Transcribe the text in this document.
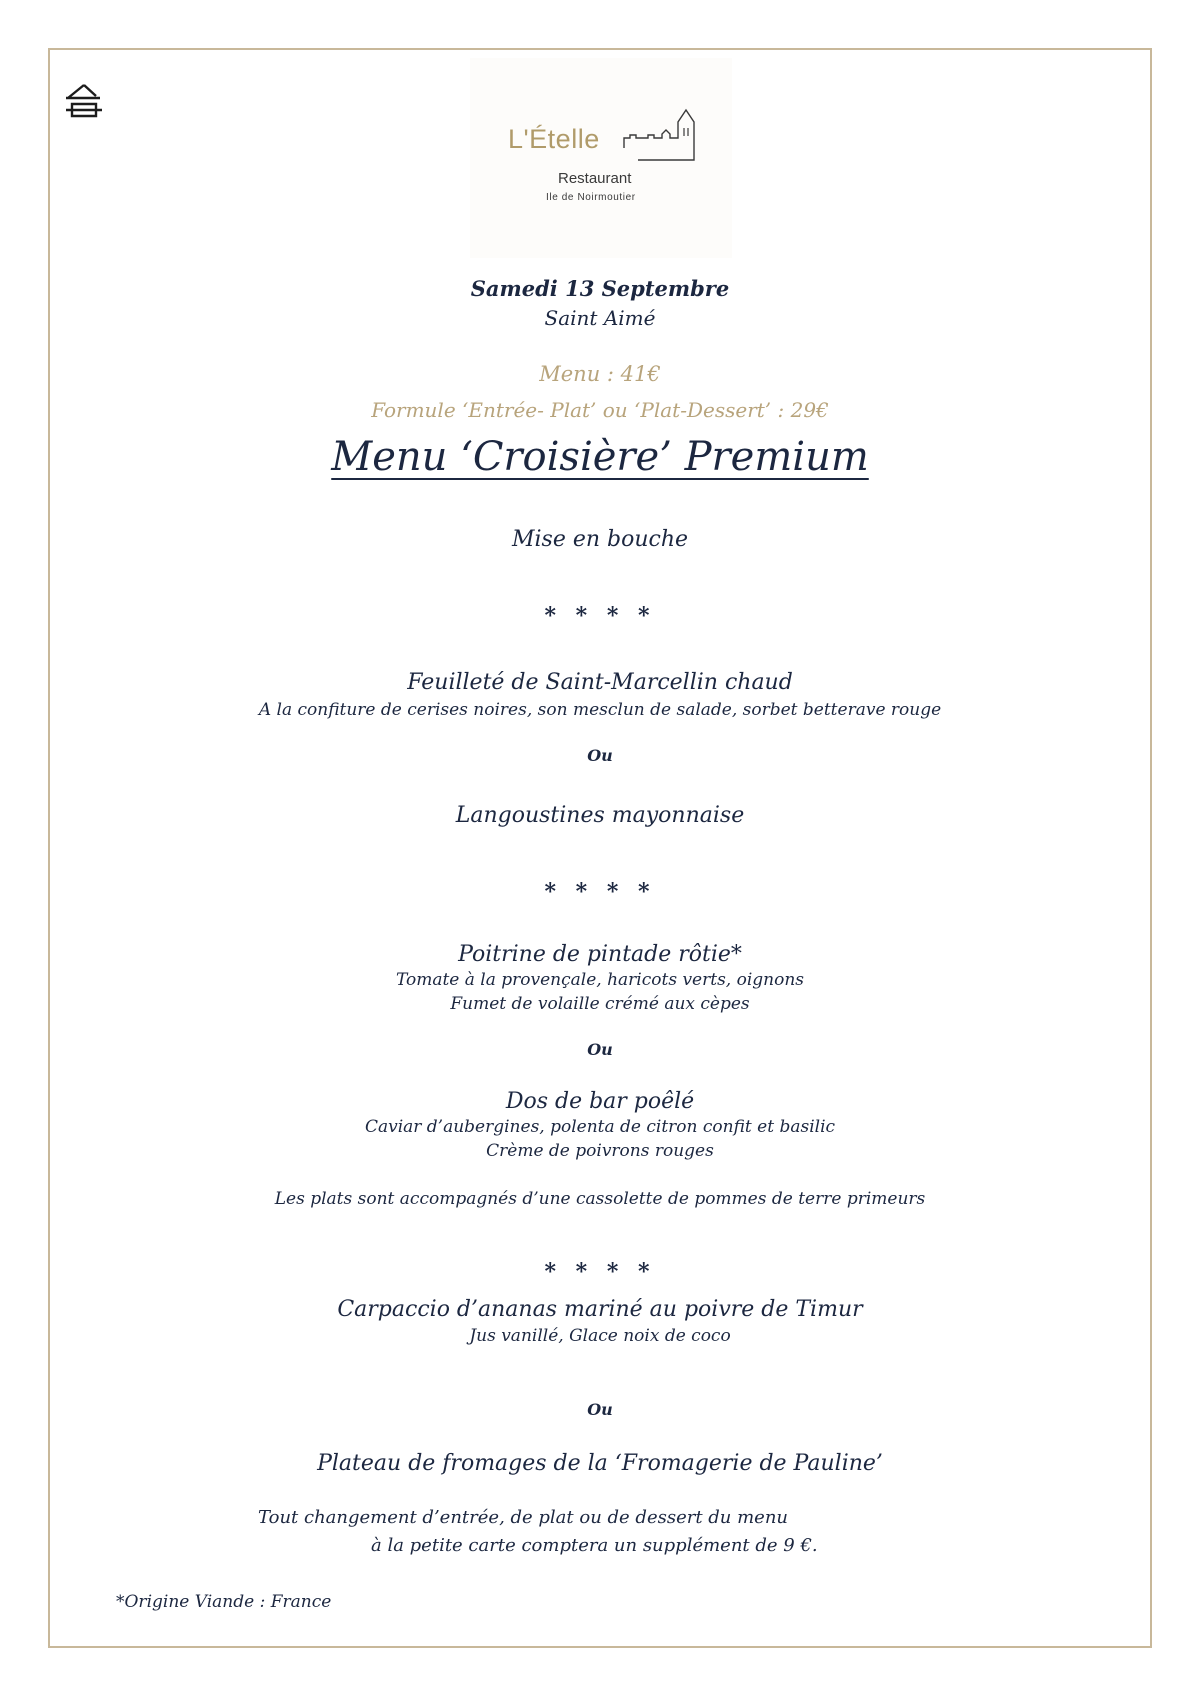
L'Ételle
Restaurant
Ile de Noirmoutier
Samedi 13 Septembre
Saint Aimé
Menu : 41€
Formule ‘Entrée- Plat’ ou ‘Plat-Dessert’ : 29€
Menu ‘Croisière’ Premium
Mise en bouche
* * * *
Feuilleté de Saint-Marcellin chaud
A la confiture de cerises noires, son mesclun de salade, sorbet betterave rouge
Ou
Langoustines mayonnaise
* * * *
Poitrine de pintade rôtie*
Tomate à la provençale, haricots verts, oignons
Fumet de volaille crémé aux cèpes
Ou
Dos de bar poêlé
Caviar d’aubergines, polenta de citron confit et basilic
Crème de poivrons rouges
Les plats sont accompagnés d’une cassolette de pommes de terre primeurs
* * * *
Carpaccio d’ananas mariné au poivre de Timur
Jus vanillé, Glace noix de coco
Ou
Plateau de fromages de la ‘Fromagerie de Pauline’
Tout changement d’entrée, de plat ou de dessert du menu
à la petite carte comptera un supplément de 9 €.
*Origine Viande : France
